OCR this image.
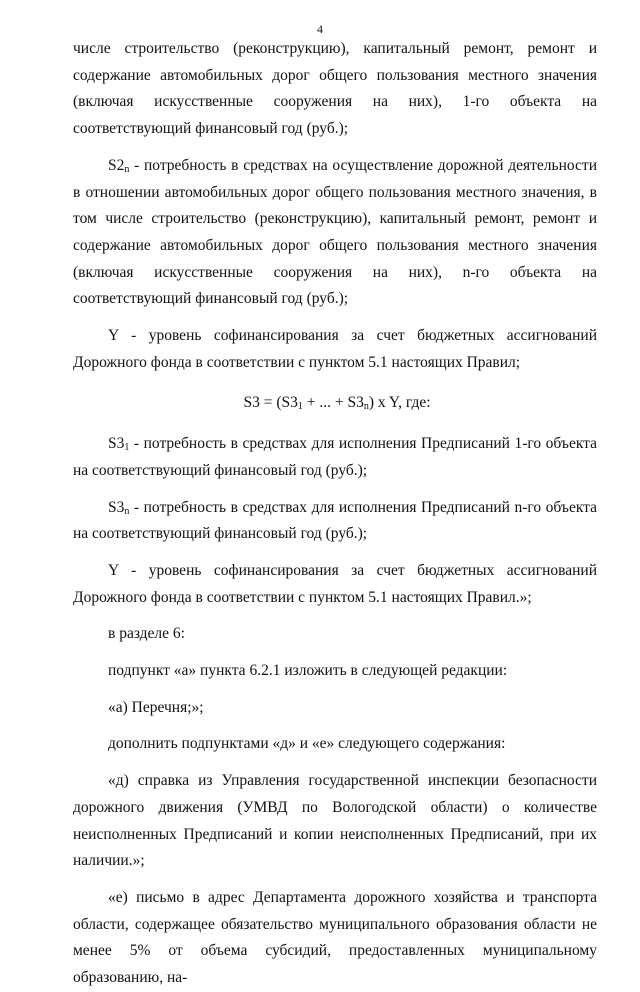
4

числе строительство (реконструкцию), капитальный ремонт, ремонт и содержание автомобильных дорог общего пользования местного значения (включая искусственные сооружения на них), 1-го объекта на соответствующий финансовый год (руб.);

$S2_n$ - потребность в средствах на осуществление дорожной деятельности в отношении автомобильных дорог общего пользования местного значения, в том числе строительство (реконструкцию), капитальный ремонт, ремонт и содержание автомобильных дорог общего пользования местного значения (включая искусственные сооружения на них), n-го объекта на соответствующий финансовый год (руб.);

Y - уровень софинансирования за счет бюджетных ассигнований Дорожного фонда в соответствии с пунктом 5.1 настоящих Правил;

$S3 = (S3_1$ + ... + $S3_n$) x Y, где:

$S3_1$ - потребность в средствах для исполнения Предписаний 1-го объекта на соответствующий финансовый год (руб.);

$S3_n$ - потребность в средствах для исполнения Предписаний n-го объекта на соответствующий финансовый год (руб.);

Y - уровень софинансирования за счет бюджетных ассигнований Дорожного фонда в соответствии с пунктом 5.1 настоящих Правил.»;

в разделе 6:

подпункт «а» пункта 6.2.1 изложить в следующей редакции:

«а) Перечня;»;

дополнить подпунктами «д» и «е» следующего содержания:

«д) справка из Управления государственной инспекции безопасности дорожного движения (УМВД по Вологодской области) о количестве неисполненных Предписаний и копии неисполненных Предписаний, при их наличии.»;

«е) письмо в адрес Департамента дорожного хозяйства и транспорта области, содержащее обязательство муниципального образования области не менее 5% от объема субсидий, предоставленных муниципальному образованию, на-
